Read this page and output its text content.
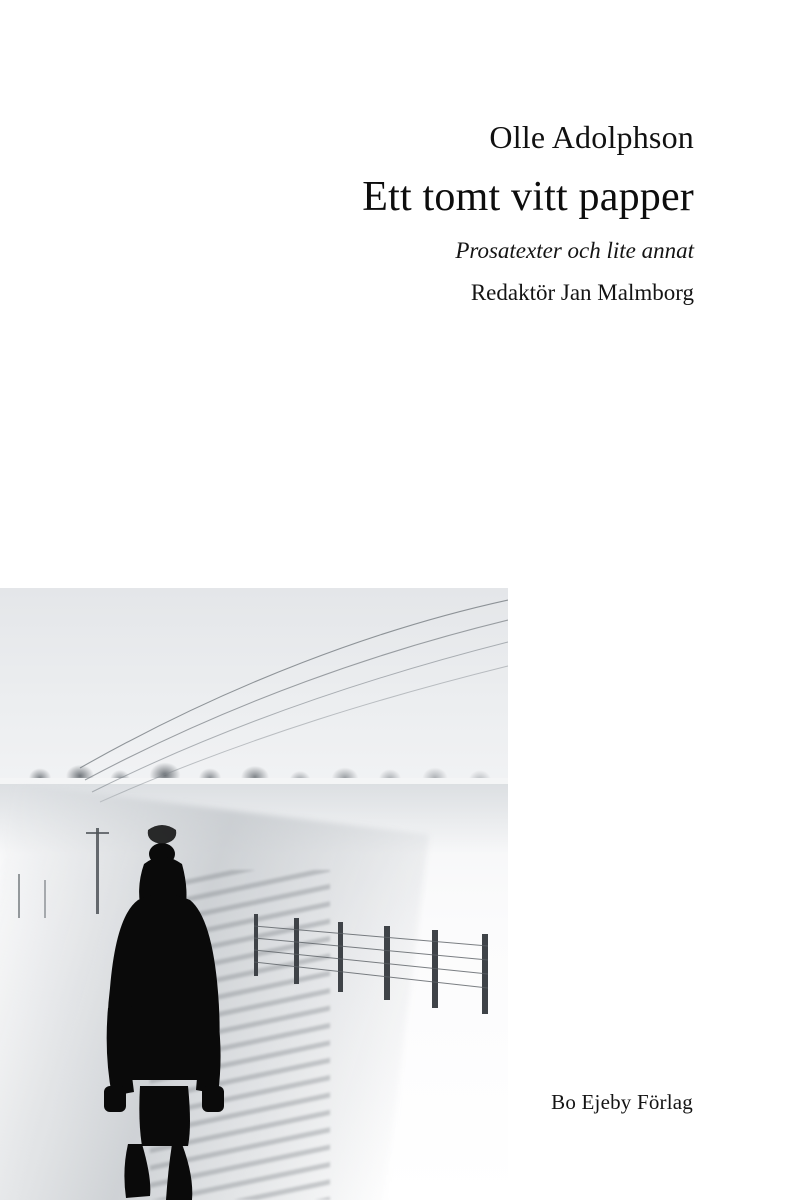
Olle Adolphson

Ett tomt vitt papper

Prosatexter och lite annat

Redaktör Jan Malmborg

Bo Ejeby Förlag
